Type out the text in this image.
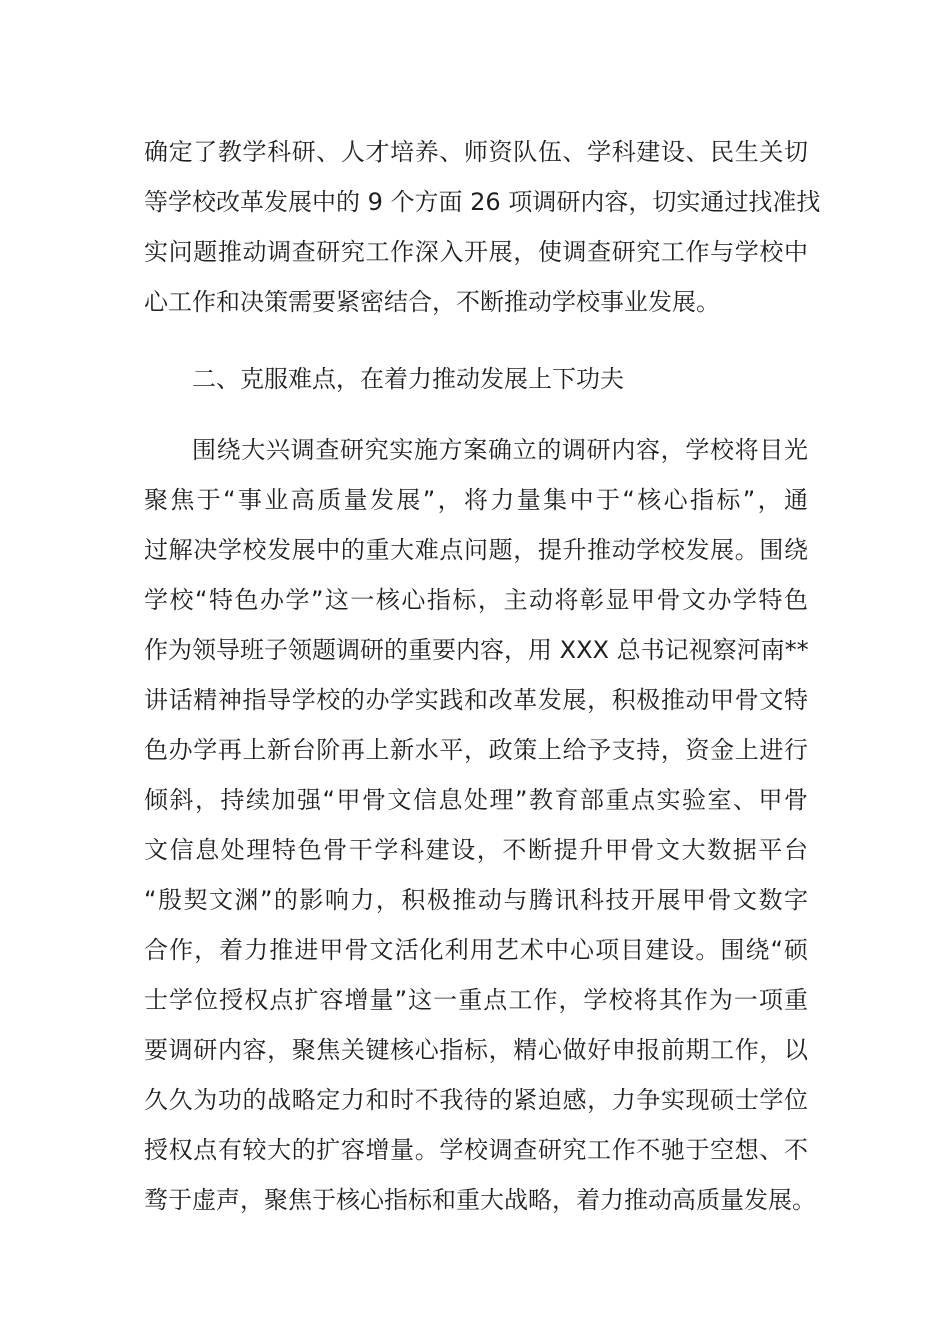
确定了教学科研、人才培养、师资队伍、学科建设、民生关切
等学校改革发展中的 9 个方面 26 项调研内容，切实通过找准找
实问题推动调查研究工作深入开展，使调查研究工作与学校中
心工作和决策需要紧密结合，不断推动学校事业发展。
二、克服难点，在着力推动发展上下功夫
围绕大兴调查研究实施方案确立的调研内容，学校将目光
聚焦于“事业高质量发展”，将力量集中于“核心指标”，通
过解决学校发展中的重大难点问题，提升推动学校发展。围绕
学校“特色办学”这一核心指标，主动将彰显甲骨文办学特色
作为领导班子领题调研的重要内容，用 XXX 总书记视察河南**
讲话精神指导学校的办学实践和改革发展，积极推动甲骨文特
色办学再上新台阶再上新水平，政策上给予支持，资金上进行
倾斜，持续加强“甲骨文信息处理”教育部重点实验室、甲骨
文信息处理特色骨干学科建设，不断提升甲骨文大数据平台
“殷契文渊”的影响力，积极推动与腾讯科技开展甲骨文数字
合作，着力推进甲骨文活化利用艺术中心项目建设。围绕“硕
士学位授权点扩容增量”这一重点工作，学校将其作为一项重
要调研内容，聚焦关键核心指标，精心做好申报前期工作，以
久久为功的战略定力和时不我待的紧迫感，力争实现硕士学位
授权点有较大的扩容增量。学校调查研究工作不驰于空想、不
骛于虚声，聚焦于核心指标和重大战略，着力推动高质量发展。
